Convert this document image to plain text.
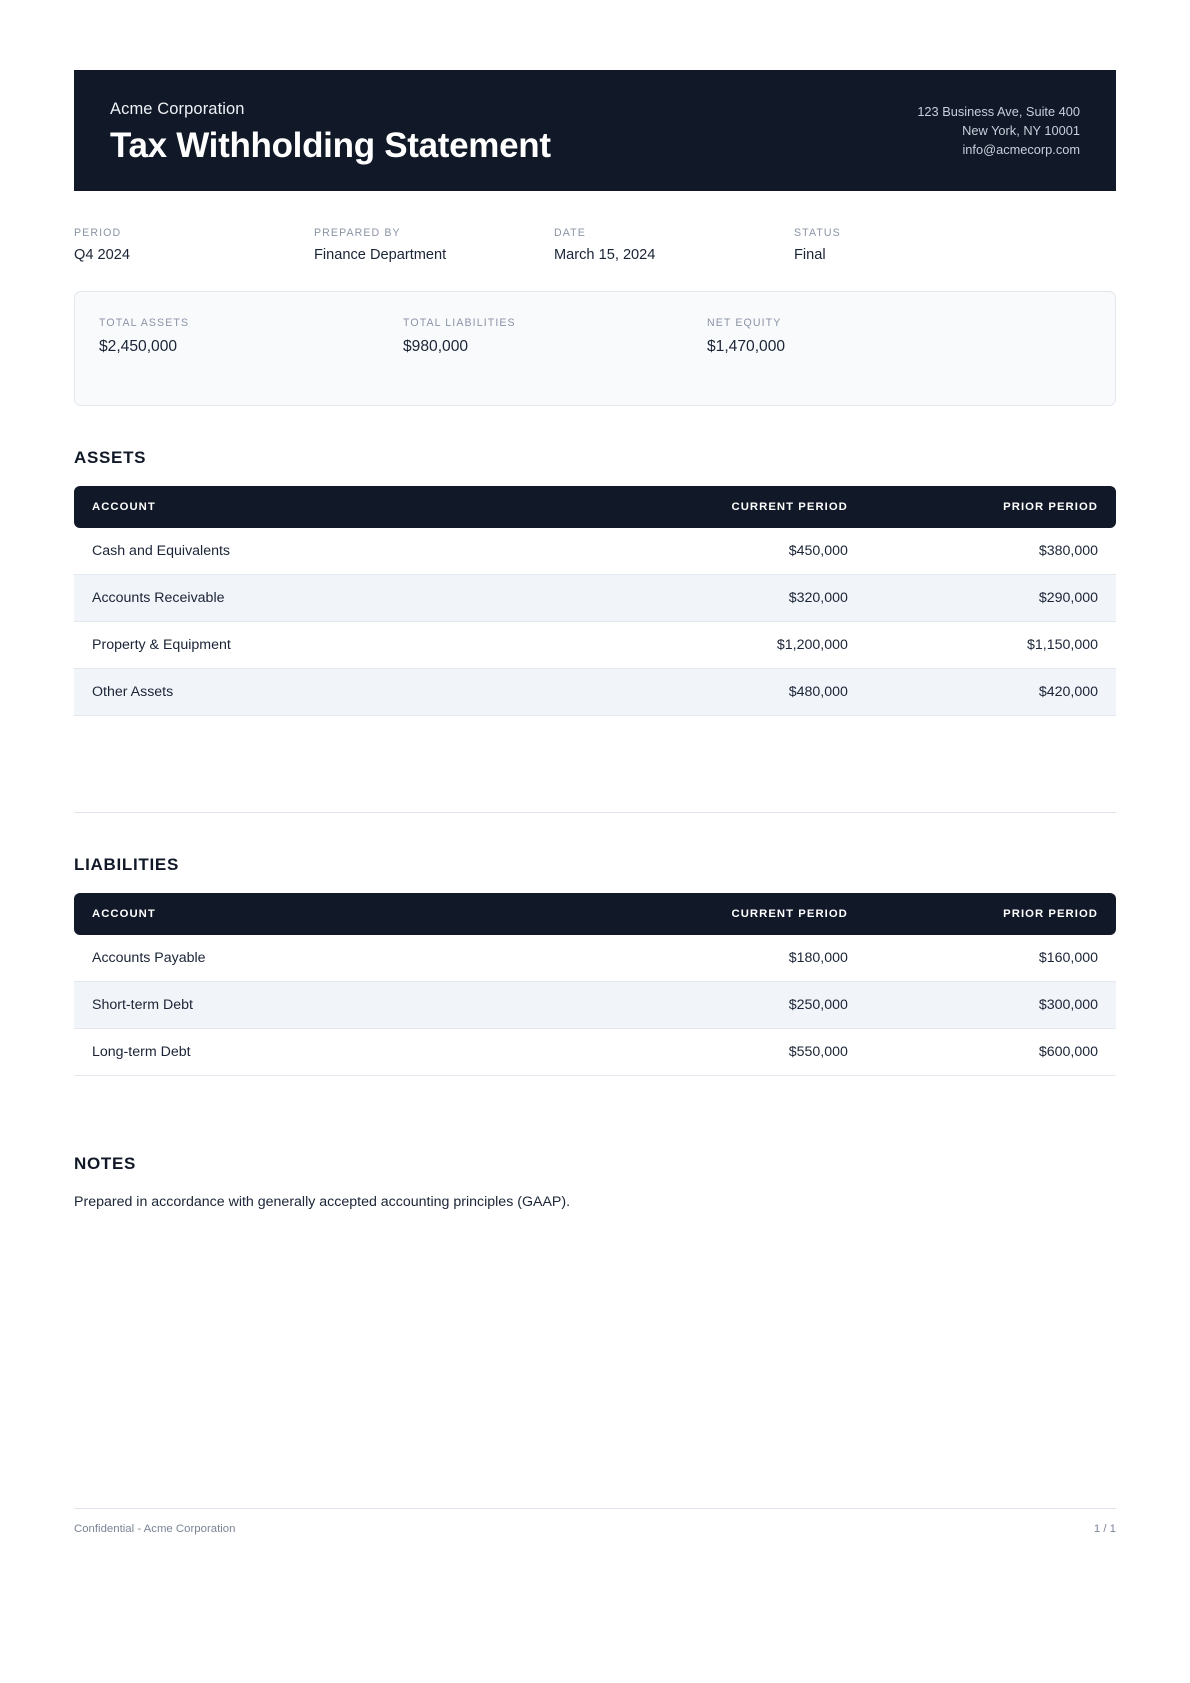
Acme Corporation
Tax Withholding Statement
123 Business Ave, Suite 400
New York, NY 10001
info@acmecorp.com
PERIOD
Q4 2024
PREPARED BY
Finance Department
DATE
March 15, 2024
STATUS
Final
TOTAL ASSETS
$2,450,000
TOTAL LIABILITIES
$980,000
NET EQUITY
$1,470,000
ASSETS
ACCOUNT	CURRENT PERIOD	PRIOR PERIOD
Cash and Equivalents	$450,000	$380,000
Accounts Receivable	$320,000	$290,000
Property & Equipment	$1,200,000	$1,150,000
Other Assets	$480,000	$420,000
LIABILITIES
ACCOUNT	CURRENT PERIOD	PRIOR PERIOD
Accounts Payable	$180,000	$160,000
Short-term Debt	$250,000	$300,000
Long-term Debt	$550,000	$600,000
NOTES
Prepared in accordance with generally accepted accounting principles (GAAP).
Confidential - Acme Corporation	1 / 1
